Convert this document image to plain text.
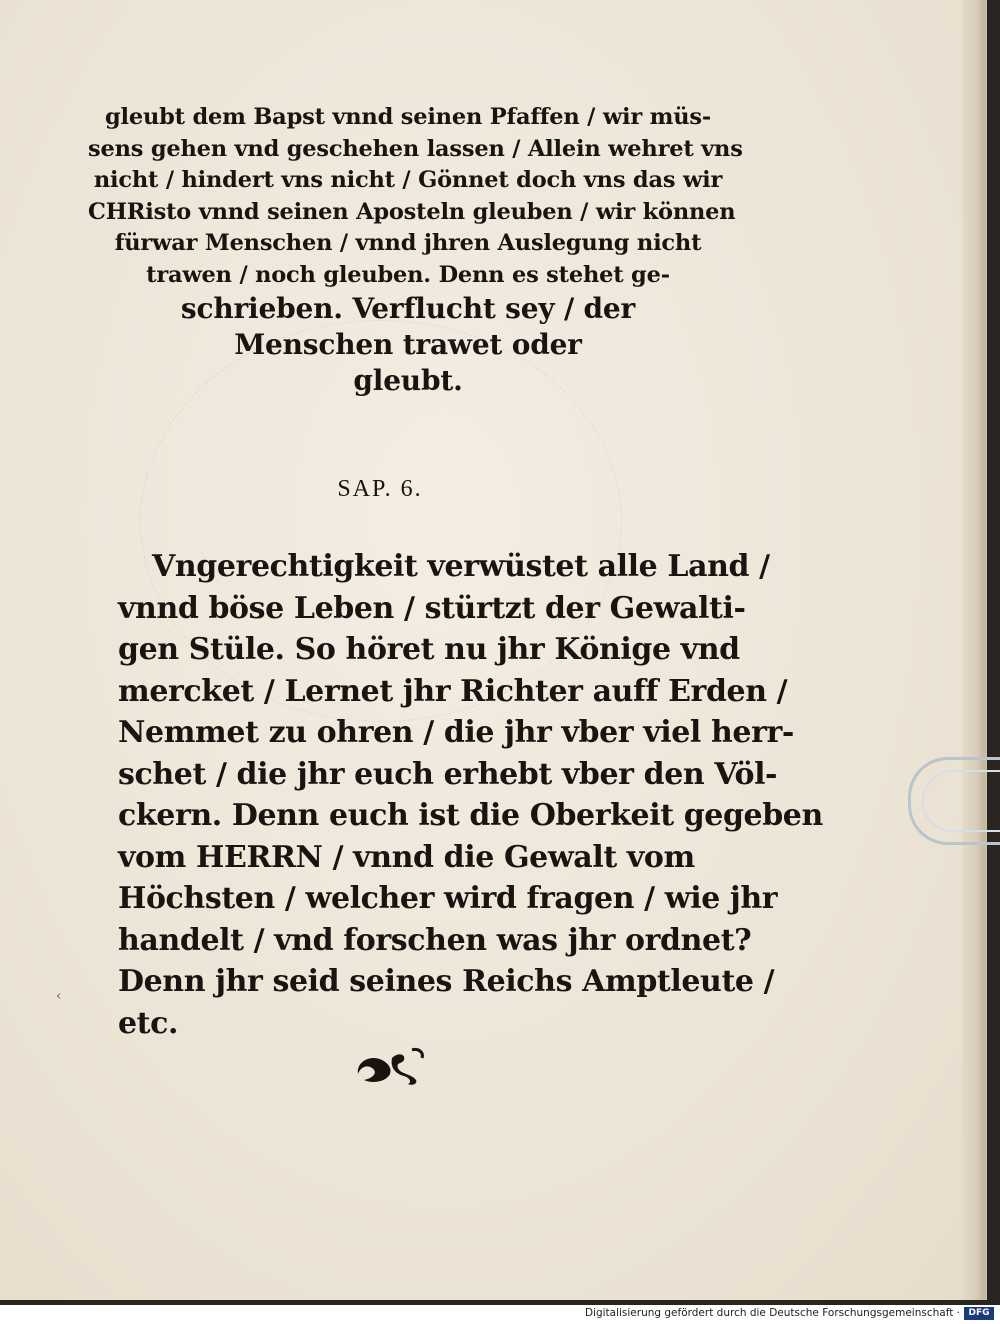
gleubt dem Bapst vnnd seinen Pfaffen / wir müs-
sens gehen vnd geschehen lassen / Allein wehret vns
nicht / hindert vns nicht / Gönnet doch vns das wir
CHRisto vnnd seinen Aposteln gleuben / wir können
fürwar Menschen / vnnd jhren Auslegung nicht
trawen / noch gleuben. Denn es stehet ge-
schrieben. Verflucht sey / der
Menschen trawet oder
gleubt.
SAP. 6.
Vngerechtigkeit verwüstet alle Land /
vnnd böse Leben / stürtzt der Gewalti-
gen Stüle. So höret nu jhr Könige vnd
mercket / Lernet jhr Richter auff Erden /
Nemmet zu ohren / die jhr vber viel herr-
schet / die jhr euch erhebt vber den Völ-
ckern. Denn euch ist die Oberkeit gegeben
vom HERRN / vnnd die Gewalt vom
Höchsten / welcher wird fragen / wie jhr
handelt / vnd forschen was jhr ordnet?
Denn jhr seid seines Reichs Amptleute /
etc.
‹
Digitalisierung gefördert durch die Deutsche Forschungsgemeinschaft · DFG
